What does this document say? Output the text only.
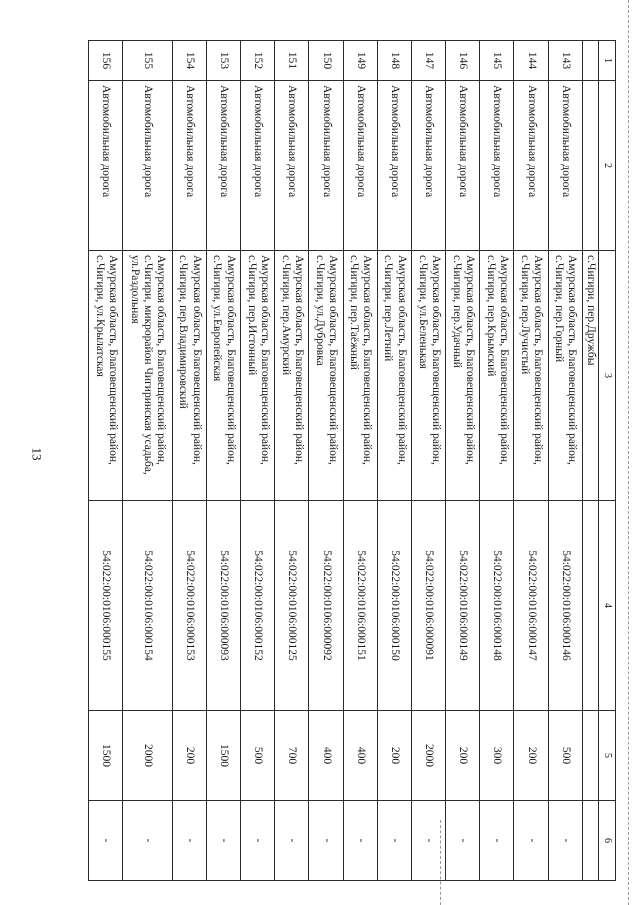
13
1	2	3	4	5	6
		с.Чигири, пер.Дружбы			
143	Автомобильная дорога	Амурская область, Благовещенский район, с.Чигири, пер.Горный	54:022:00:0106:000146	500	-
144	Автомобильная дорога	Амурская область, Благовещенский район, с.Чигири, пер.Лучистый	54:022:00:0106:000147	200	-
145	Автомобильная дорога	Амурская область, Благовещенский район, с.Чигири, пер.Крымский	54:022:00:0106:000148	300	-
146	Автомобильная дорога	Амурская область, Благовещенский район, с.Чигири, пер.Удачный	54:022:00:0106:000149	200	-
147	Автомобильная дорога	Амурская область, Благовещенский район, с.Чигири, ул.Беленькая	54:022:00:0106:000091	2000	-
148	Автомобильная дорога	Амурская область, Благовещенский район, с.Чигири, пер.Летний	54:022:00:0106:000150	200	-
149	Автомобильная дорога	Амурская область, Благовещенский район, с.Чигири, пер.Таёжный	54:022:00:0106:000151	400	-
150	Автомобильная дорога	Амурская область, Благовещенский район, с.Чигири, ул.Дубровка	54:022:00:0106:000092	400	-
151	Автомобильная дорога	Амурская область, Благовещенский район, с.Чигири, пер.Амурский	54:022:00:0106:000125	700	-
152	Автомобильная дорога	Амурская область, Благовещенский район, с.Чигири, пер.Истонный	54:022:00:0106:000152	500	-
153	Автомобильная дорога	Амурская область, Благовещенский район, с.Чигири, ул.Европейская	54:022:00:0106:000093	1500	-
154	Автомобильная дорога	Амурская область, Благовещенский район, с.Чигири, пер.Владимировский	54:022:00:0106:000153	200	-
155	Автомобильная дорога	Амурская область, Благовещенский район, с.Чигири, микрорайон Чигиринская усадьба, ул.Раздольная	54:022:00:0106:000154	2000	-
156	Автомобильная дорога	Амурская область, Благовещенский район, с.Чигири, ул.Крылатская	54:022:00:0106:000155	1500	-
